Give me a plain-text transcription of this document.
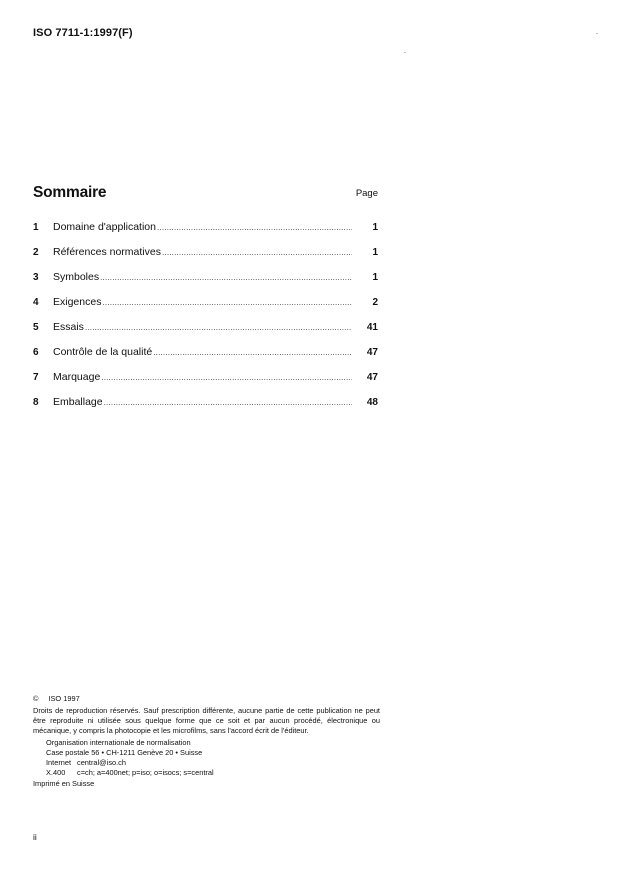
ISO 7711-1:1997(F)
Sommaire	Page
1	Domaine d'application .....	1
2	Références normatives .....	1
3	Symboles .....	1
4	Exigences .....	2
5	Essais .....	41
6	Contrôle de la qualité .....	47
7	Marquage .....	47
8	Emballage .....	48
© ISO 1997

Droits de reproduction réservés. Sauf prescription différente, aucune partie de cette publication ne peut être reproduite ni utilisée sous quelque forme que ce soit et par aucun procédé, électronique ou mécanique, y compris la photocopie et les microfilms, sans l'accord écrit de l'éditeur.

Organisation internationale de normalisation
Case postale 56 • CH-1211 Genève 20 • Suisse
Internet central@iso.ch
X.400	c=ch; a=400net; p=iso; o=isocs; s=central
Imprimé en Suisse
ii
